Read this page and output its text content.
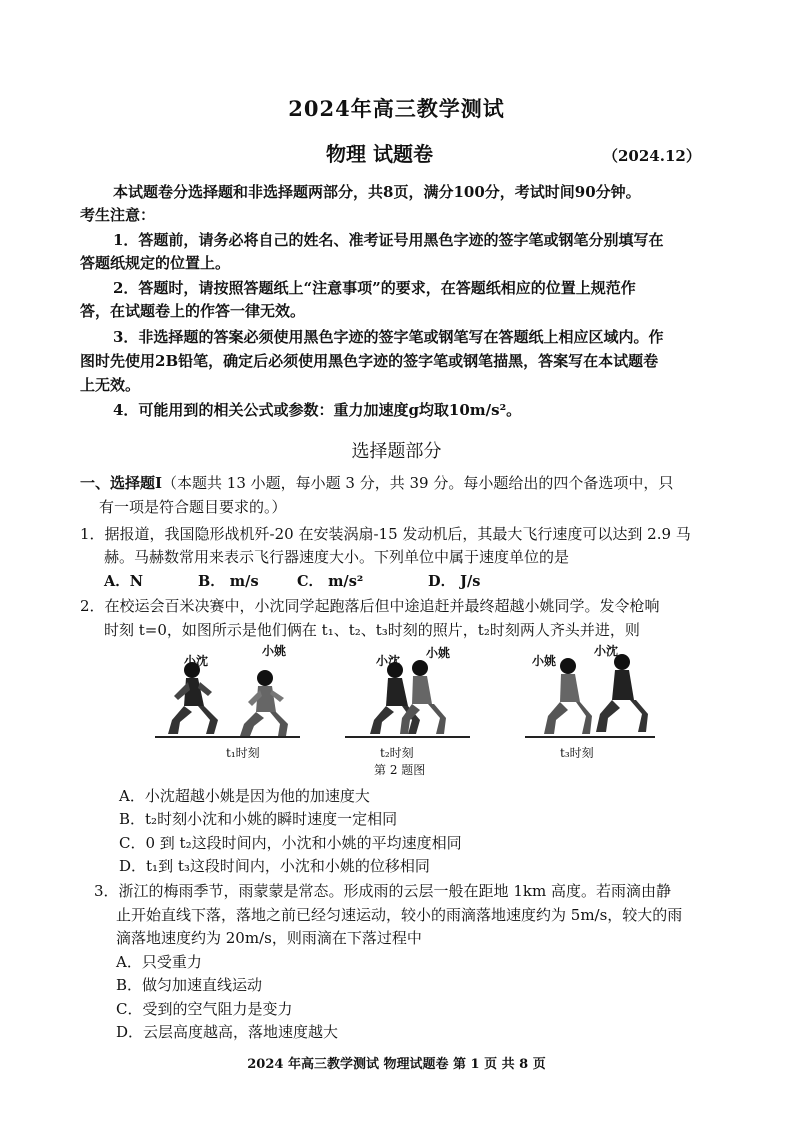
2024年高三教学测试
物理 试题卷	（2024.12）
本试题卷分选择题和非选择题两部分，共8页，满分100分，考试时间90分钟。
考生注意：
1．答题前，请务必将自己的姓名、准考证号用黑色字迹的签字笔或钢笔分别填写在
答题纸规定的位置上。
2．答题时，请按照答题纸上“注意事项”的要求，在答题纸相应的位置上规范作
答，在试题卷上的作答一律无效。
3．非选择题的答案必须使用黑色字迹的签字笔或钢笔写在答题纸上相应区域内。作
图时先使用2B铅笔，确定后必须使用黑色字迹的签字笔或钢笔描黑，答案写在本试题卷
上无效。
4．可能用到的相关公式或参数：重力加速度g均取10m/s²。
选择题部分
一、选择题Ⅰ（本题共 13 小题，每小题 3 分，共 39 分。每小题给出的四个备选项中，只
有一项是符合题目要求的。）
1．据报道，我国隐形战机歼-20 在安装涡扇-15 发动机后，其最大飞行速度可以达到 2.9 马
赫。马赫数常用来表示飞行器速度大小。下列单位中属于速度单位的是
A．N	B． m/s	C． m/s²	D． J/s
2．在校运会百米决赛中，小沈同学起跑落后但中途追赶并最终超越小姚同学。发令枪响
时刻 t=0，如图所示是他们俩在 t₁、t₂、t₃时刻的照片，t₂时刻两人齐头并进，则
小沈
小姚
小沈
小姚
小姚
小沈
t₁时刻	t₂时刻	t₃时刻
第 2 题图
A．小沈超越小姚是因为他的加速度大
B．t₂时刻小沈和小姚的瞬时速度一定相同
C．0 到 t₂这段时间内，小沈和小姚的平均速度相同
D．t₁到 t₃这段时间内，小沈和小姚的位移相同
3．浙江的梅雨季节，雨蒙蒙是常态。形成雨的云层一般在距地 1km 高度。若雨滴由静
止开始直线下落，落地之前已经匀速运动，较小的雨滴落地速度约为 5m/s，较大的雨
滴落地速度约为 20m/s，则雨滴在下落过程中
A．只受重力
B．做匀加速直线运动
C．受到的空气阻力是变力
D．云层高度越高，落地速度越大
2024 年高三教学测试 物理试题卷 第 1 页 共 8 页
